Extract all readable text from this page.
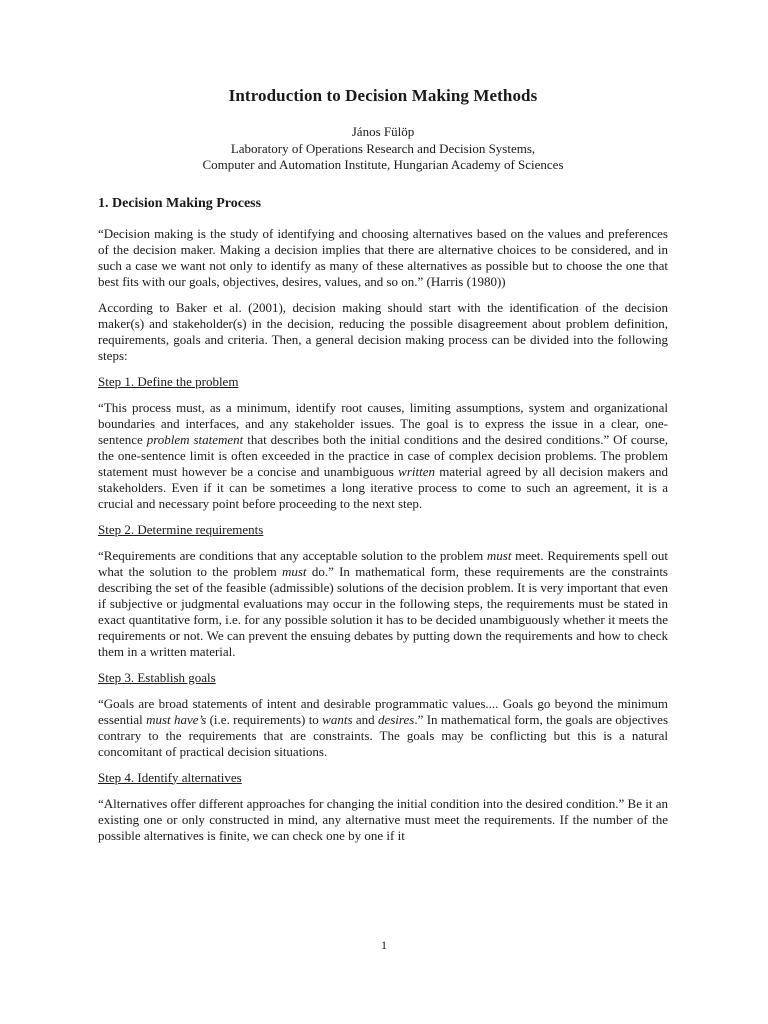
Introduction to Decision Making Methods
János Fülöp
Laboratory of Operations Research and Decision Systems,
Computer and Automation Institute, Hungarian Academy of Sciences
1. Decision Making Process

“Decision making is the study of identifying and choosing alternatives based on the values and preferences of the decision maker. Making a decision implies that there are alternative choices to be considered, and in such a case we want not only to identify as many of these alternatives as possible but to choose the one that best fits with our goals, objectives, desires, values, and so on.” (Harris (1980))

According to Baker et al. (2001), decision making should start with the identification of the decision maker(s) and stakeholder(s) in the decision, reducing the possible disagreement about problem definition, requirements, goals and criteria. Then, a general decision making process can be divided into the following steps:

Step 1. Define the problem

“This process must, as a minimum, identify root causes, limiting assumptions, system and organizational boundaries and interfaces, and any stakeholder issues. The goal is to express the issue in a clear, one-sentence problem statement that describes both the initial conditions and the desired conditions.” Of course, the one-sentence limit is often exceeded in the practice in case of complex decision problems. The problem statement must however be a concise and unambiguous written material agreed by all decision makers and stakeholders. Even if it can be sometimes a long iterative process to come to such an agreement, it is a crucial and necessary point before proceeding to the next step.

Step 2. Determine requirements

“Requirements are conditions that any acceptable solution to the problem must meet. Requirements spell out what the solution to the problem must do.” In mathematical form, these requirements are the constraints describing the set of the feasible (admissible) solutions of the decision problem. It is very important that even if subjective or judgmental evaluations may occur in the following steps, the requirements must be stated in exact quantitative form, i.e. for any possible solution it has to be decided unambiguously whether it meets the requirements or not. We can prevent the ensuing debates by putting down the requirements and how to check them in a written material.

Step 3. Establish goals

“Goals are broad statements of intent and desirable programmatic values.... Goals go beyond the minimum essential must have’s (i.e. requirements) to wants and desires.” In mathematical form, the goals are objectives contrary to the requirements that are constraints. The goals may be conflicting but this is a natural concomitant of practical decision situations.

Step 4. Identify alternatives

“Alternatives offer different approaches for changing the initial condition into the desired condition.” Be it an existing one or only constructed in mind, any alternative must meet the requirements. If the number of the possible alternatives is finite, we can check one by one if it

1
